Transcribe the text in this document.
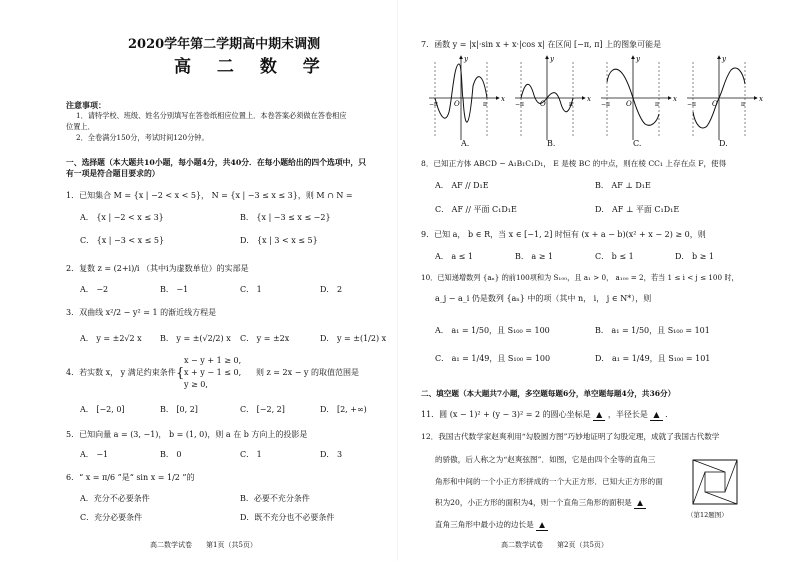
2020学年第二学期高中期末调测
高 二 数 学
注意事项：
1．请特学校、班级、姓名分别填写在答卷纸相应位置上．本卷答案必须做在答卷相应
位置上．
2．全卷满分150分，考试时间120分钟。
一、选择题（本大题共10小题，每小题4分，共40分．在每小题给出的四个选项中，只
有一项是符合题目要求的）
1．已知集合 M = {x | −2 < x < 5}， N = {x | −3 ≤ x ≤ 3}，则 M ∩ N =
A． {x | −2 < x ≤ 3}	B． {x | −3 ≤ x ≤ −2}
C． {x | −3 < x ≤ 5}	D． {x | 3 < x ≤ 5}
2．复数 z = (2+i)/i （其中i为虚数单位）的实部是
A． −2	B． −1	C． 1	D． 2
3．双曲线 x²/2 − y² = 1 的渐近线方程是
A． y = ±2√2 x B． y = ±(√2/2) x C． y = ±2x	D． y = ±(1/2) x
4．若实数 x， y 满足约束条件 {
x − y + 1 ≥ 0,
x + y − 1 ≤ 0,
y ≥ 0,
则 z = 2x − y 的取值范围是
A． [−2, 0]	B． [0, 2]	C． [−2, 2]	D． [2, +∞)
5．已知向量 a = (3, −1)， b = (1, 0)，则 a 在 b 方向上的投影是
A． −1	B． 0	C． 1	D． 3
6．“ x = π/6 ”是“ sin x = 1/2 ”的
A．充分不必要条件	B．必要不充分条件
C．充分必要条件	D．既不充分也不必要条件
高二数学试卷　　第1页（共5页）
7．函数 y = |x|·sin x + x·|cos x| 在区间 [−π, π] 上的图象可能是
x
y
O
−π	π
x
y
O
−π	π
x
y
O
−π	π
x
y
O
−π	π
A.	B.	C.	D.
8．已知正方体 ABCD − A₁B₁C₁D₁， E 是棱 BC 的中点，则在棱 CC₁ 上存在点 F，使得
A． AF // D₁E	B． AF ⊥ D₁E
C． AF // 平面 C₁D₁E	D． AF ⊥ 平面 C₁D₁E
9．已知 a， b ∈ R，当 x ∈ [−1, 2] 时恒有 (x + a − b)(x² + x − 2) ≥ 0，则
A． a ≤ 1	B． a ≥ 1	C． b ≤ 1	D． b ≥ 1
10．已知递增数列 {aₙ} 的前100项和为 S₁₀₀，且 a₁ > 0， a₁₀₀ = 2，若当 1 ≤ i < j ≤ 100 时，
a_j − a_i 仍是数列 {aₙ} 中的项（其中 n， i， j ∈ N*），则
A． a₁ = 1/50，且 S₁₀₀ = 100	B． a₁ = 1/50，且 S₁₀₀ = 101
C． a₁ = 1/49，且 S₁₀₀ = 100	D． a₁ = 1/49，且 S₁₀₀ = 101
二、填空题（本大题共7小题，多空题每题6分，单空题每题4分，共36分）
11．圆 (x − 1)² + (y − 3)² = 2 的圆心坐标是 ▲ ，半径长是 ▲ ．
12．我国古代数学家赵爽利用“勾股圆方图”巧妙地证明了勾股定理，成就了我国古代数学
的骄傲，后人称之为“赵爽弦图”．如图，它是由四个全等的直角三
角形和中间的一个小正方形拼成的一个大正方形．已知大正方形的面
积为20，小正方形的面积为4，则一个直角三角形的面积是 ▲
直角三角形中最小边的边长是 ▲
（第12题图）
高二数学试卷　　第2页（共5页）
